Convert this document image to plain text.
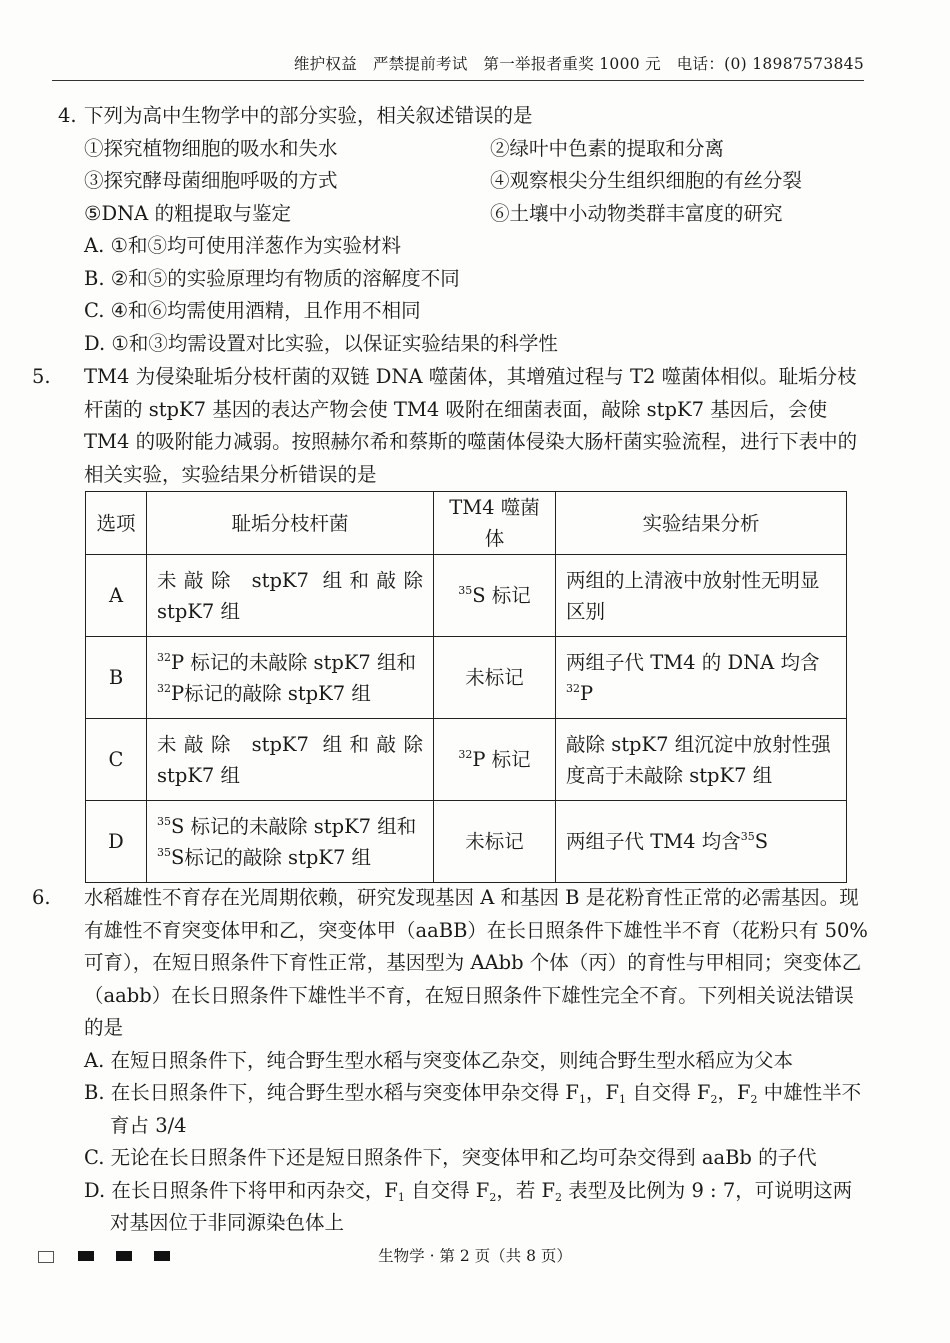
维护权益　严禁提前考试　第一举报者重奖 1000 元　电话：(0) 18987573845
4. 下列为高中生物学中的部分实验，相关叙述错误的是
①探究植物细胞的吸水和失水	②绿叶中色素的提取和分离
③探究酵母菌细胞呼吸的方式	④观察根尖分生组织细胞的有丝分裂
⑤DNA 的粗提取与鉴定	⑥土壤中小动物类群丰富度的研究
A. ①和⑤均可使用洋葱作为实验材料
B. ②和⑤的实验原理均有物质的溶解度不同
C. ④和⑥均需使用酒精，且作用不相同
D. ①和③均需设置对比实验，以保证实验结果的科学性
5. TM4 为侵染耻垢分枝杆菌的双链 DNA 噬菌体，其增殖过程与 T2 噬菌体相似。耻垢分枝杆菌的 stpK7 基因的表达产物会使 TM4 吸附在细菌表面，敲除 stpK7 基因后，会使 TM4 的吸附能力减弱。按照赫尔希和蔡斯的噬菌体侵染大肠杆菌实验流程，进行下表中的相关实验，实验结果分析错误的是
选项	耻垢分枝杆菌	TM4 噬菌体	实验结果分析
A	未敲除 stpK7 组和敲除 stpK7 组	$^{35}$S 标记	两组的上清液中放射性无明显区别
B	$^{32}$P 标记的未敲除 stpK7 组和
$^{32}$P标记的敲除 stpK7 组	未标记	两组子代 TM4 的 DNA 均含$^{32}$P
C	未敲除 stpK7 组和敲除 stpK7 组	$^{32}$P 标记	敲除 stpK7 组沉淀中放射性强度高于未敲除 stpK7 组
D	$^{35}$S 标记的未敲除 stpK7 组和
$^{35}$S标记的敲除 stpK7 组	未标记	两组子代 TM4 均含$^{35}$S
6. 水稻雄性不育存在光周期依赖，研究发现基因 A 和基因 B 是花粉育性正常的必需基因。现有雄性不育突变体甲和乙，突变体甲（aaBB）在长日照条件下雄性半不育（花粉只有 50%可育），在短日照条件下育性正常，基因型为 AAbb 个体（丙）的育性与甲相同；突变体乙（aabb）在长日照条件下雄性半不育，在短日照条件下雄性完全不育。下列相关说法错误的是
A. 在短日照条件下，纯合野生型水稻与突变体乙杂交，则纯合野生型水稻应为父本
B. 在长日照条件下，纯合野生型水稻与突变体甲杂交得 $F_1$，$F_1$ 自交得 $F_2$，$F_2$ 中雄性半不育占 3/4
C. 无论在长日照条件下还是短日照条件下，突变体甲和乙均可杂交得到 aaBb 的子代
D. 在长日照条件下将甲和丙杂交，$F_1$ 自交得 $F_2$，若 $F_2$ 表型及比例为 9 : 7，可说明这两对基因位于非同源染色体上
生物学 · 第 2 页（共 8 页）
